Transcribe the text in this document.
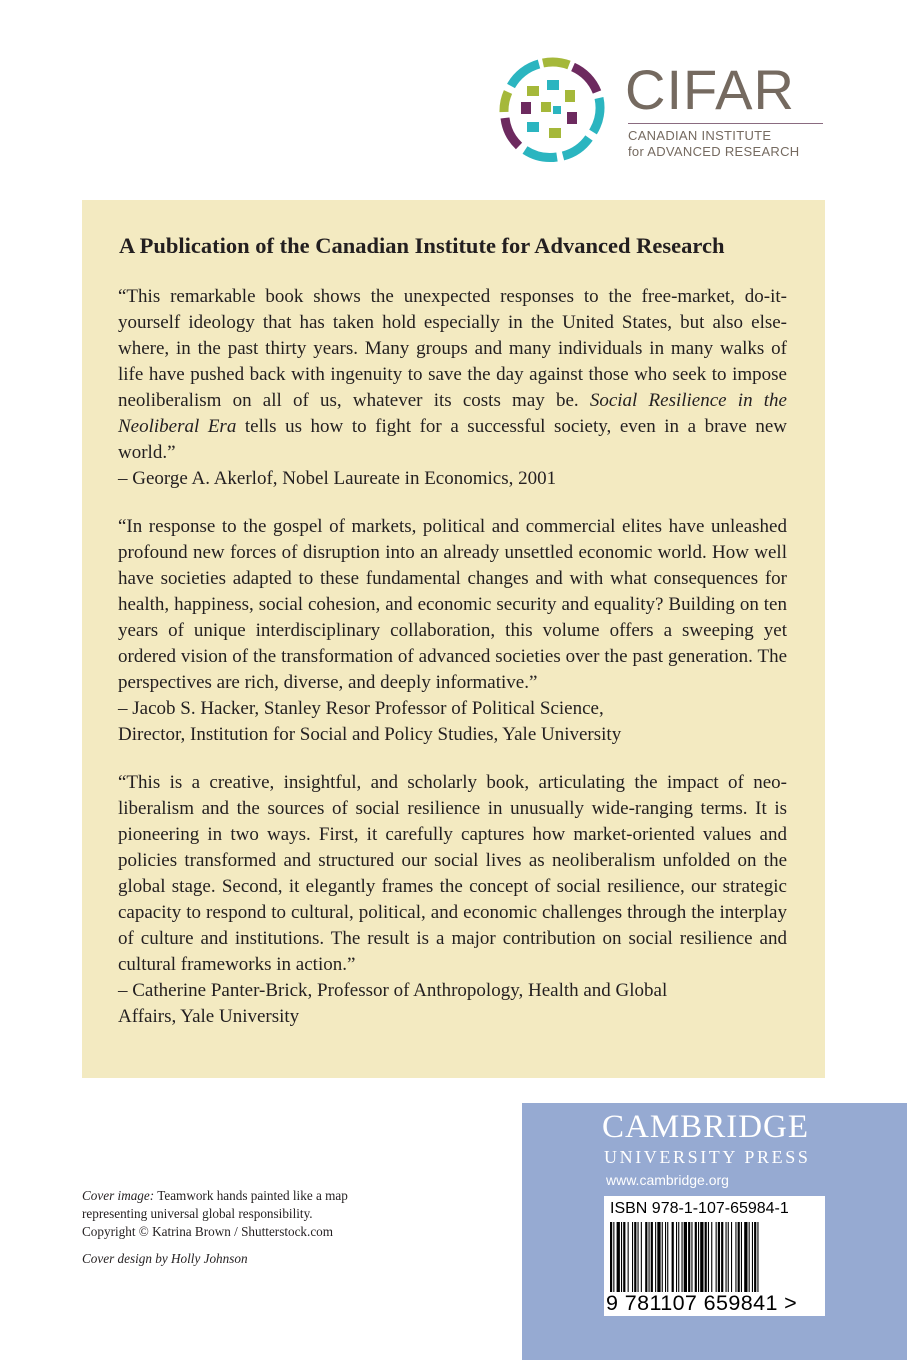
CIFAR
CANADIAN INSTITUTE
for ADVANCED RESEARCH
A Publication of the Canadian Institute for Advanced Research

“This remarkable book shows the unexpected responses to the free-market, do-it-yourself ideology that has taken hold especially in the United States, but also elsewhere, in the past thirty years. Many groups and many individuals in many walks of life have pushed back with ingenuity to save the day against those who seek to impose neoliberalism on all of us, whatever its costs may be. Social Resilience in the Neoliberal Era tells us how to fight for a successful society, even in a brave new world.”

– George A. Akerlof, Nobel Laureate in Economics, 2001

“In response to the gospel of markets, political and commercial elites have unleashed profound new forces of disruption into an already unsettled economic world. How well have societies adapted to these fundamental changes and with what consequences for health, happiness, social cohesion, and economic security and equality? Building on ten years of unique interdisciplinary collaboration, this volume offers a sweeping yet ordered vision of the transformation of advanced societies over the past generation. The perspectives are rich, diverse, and deeply informative.”

– Jacob S. Hacker, Stanley Resor Professor of Political Science,

Director, Institution for Social and Policy Studies, Yale University

“This is a creative, insightful, and scholarly book, articulating the impact of neoliberalism and the sources of social resilience in unusually wide-ranging terms. It is pioneering in two ways. First, it carefully captures how market-oriented values and policies transformed and structured our social lives as neoliberalism unfolded on the global stage. Second, it elegantly frames the concept of social resilience, our strategic capacity to respond to cultural, political, and economic challenges through the interplay of culture and institutions. The result is a major contribution on social resilience and cultural frameworks in action.”

– Catherine Panter-Brick, Professor of Anthropology, Health and Global

Affairs, Yale University

Cover image: Teamwork hands painted like a map representing universal global responsibility.
Copyright © Katrina Brown / Shutterstock.com
Cover design by Holly Johnson
CAMBRIDGE
UNIVERSITY PRESS
www.cambridge.org
ISBN 978-1-107-65984-1
9 781107 659841 >
